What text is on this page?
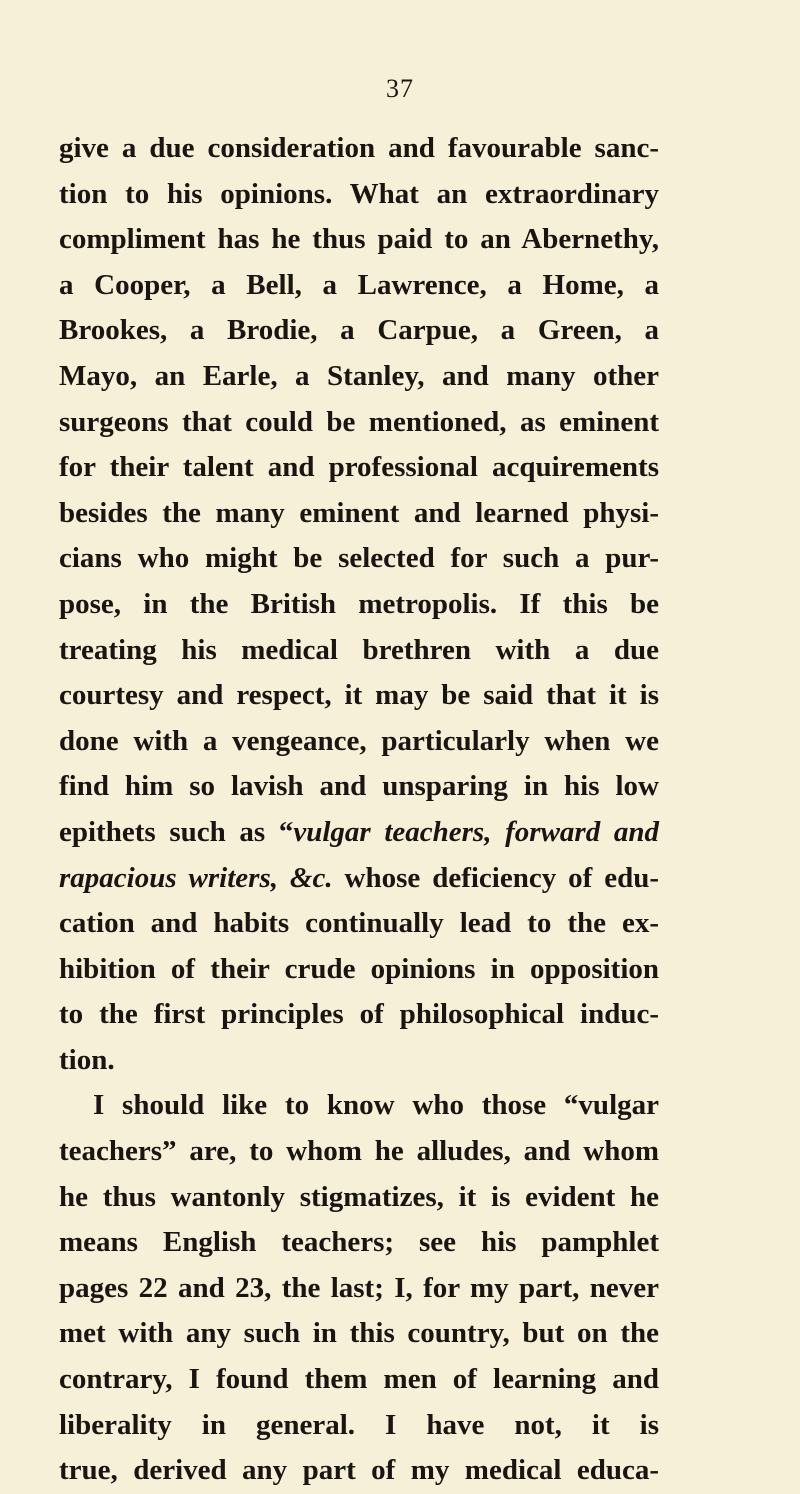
37
give a due consideration and favourable sanc-
tion to his opinions. What an extraordinary
compliment has he thus paid to an Abernethy,
a Cooper, a Bell, a Lawrence, a Home, a
Brookes, a Brodie, a Carpue, a Green, a
Mayo, an Earle, a Stanley, and many other
surgeons that could be mentioned, as eminent
for their talent and professional acquirements
besides the many eminent and learned physi-
cians who might be selected for such a pur-
pose, in the British metropolis. If this be
treating his medical brethren with a due
courtesy and respect, it may be said that it is
done with a vengeance, particularly when we
find him so lavish and unsparing in his low
epithets such as “vulgar teachers, forward and
rapacious writers, &c. whose deficiency of edu-
cation and habits continually lead to the ex-
hibition of their crude opinions in opposition
to the first principles of philosophical induc-
tion.
I should like to know who those “vulgar
teachers” are, to whom he alludes, and whom
he thus wantonly stigmatizes, it is evident he
means English teachers; see his pamphlet
pages 22 and 23, the last; I, for my part, never
met with any such in this country, but on the
contrary, I found them men of learning and
liberality in general. I have not, it is
true, derived any part of my medical educa-
